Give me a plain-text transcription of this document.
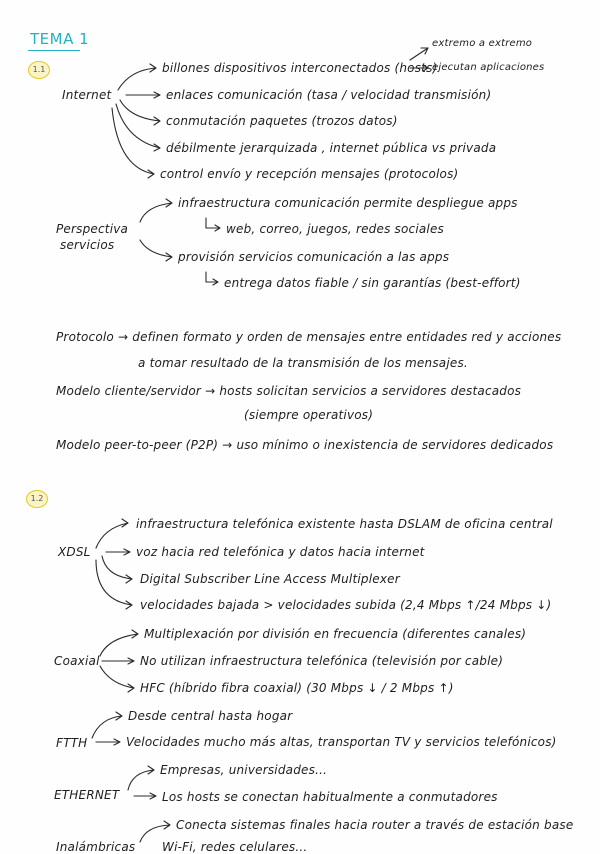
TEMA 1
1.1
extremo a extremo
ejecutan aplicaciones
Internet
billones dispositivos interconectados (hosts)
enlaces comunicación (tasa / velocidad transmisión)
conmutación paquetes (trozos datos)
débilmente jerarquizada , internet pública vs privada
control envío y recepción mensajes (protocolos)
Perspectiva
servicios
infraestructura comunicación permite despliegue apps
web, correo, juegos, redes sociales
provisión servicios comunicación a las apps
entrega datos fiable / sin garantías (best-effort)
Protocolo → definen formato y orden de mensajes entre entidades red y acciones
a tomar resultado de la transmisión de los mensajes.
Modelo cliente/servidor → hosts solicitan servicios a servidores destacados
(siempre operativos)
Modelo peer-to-peer (P2P) → uso mínimo o inexistencia de servidores dedicados
1.2
XDSL
infraestructura telefónica existente hasta DSLAM de oficina central
voz hacia red telefónica y datos hacia internet
Digital Subscriber Line Access Multiplexer
velocidades bajada > velocidades subida (2,4 Mbps ↑/24 Mbps ↓)
Coaxial
Multiplexación por división en frecuencia (diferentes canales)
No utilizan infraestructura telefónica (televisión por cable)
HFC (híbrido fibra coaxial) (30 Mbps ↓ / 2 Mbps ↑)
FTTH
Desde central hasta hogar
Velocidades mucho más altas, transportan TV y servicios telefónicos)
ETHERNET
Empresas, universidades...
Los hosts se conectan habitualmente a conmutadores
Inalámbricas
Conecta sistemas finales hacia router a través de estación base
Wi-Fi, redes celulares...
